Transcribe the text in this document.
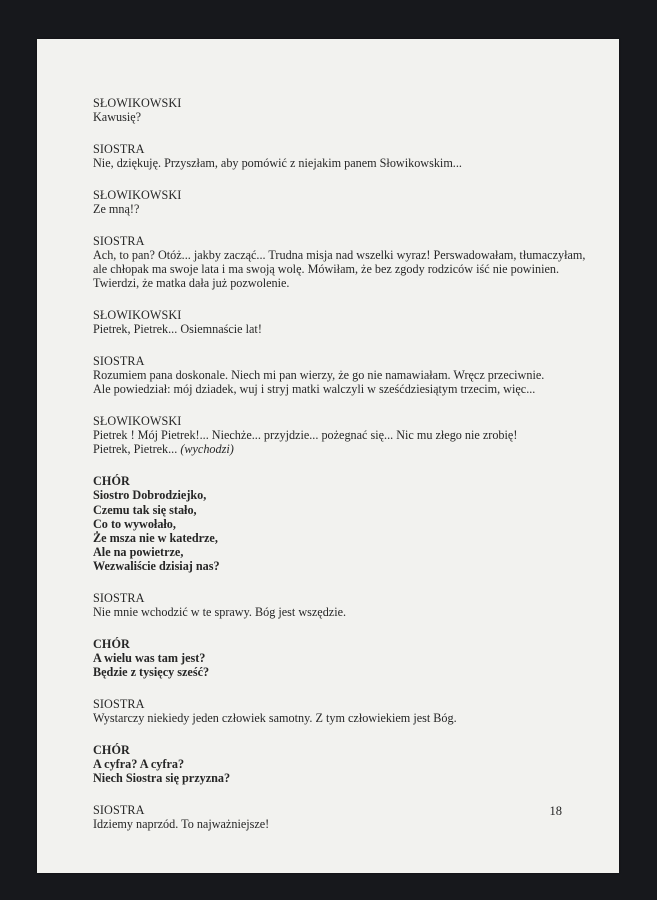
SŁOWIKOWSKI
Kawusię?
SIOSTRA
Nie, dziękuję. Przyszłam, aby pomówić z niejakim panem Słowikowskim...
SŁOWIKOWSKI
Ze mną!?
SIOSTRA
Ach, to pan? Otóż... jakby zacząć... Trudna misja nad wszelki wyraz! Perswadowałam, tłumaczyłam,
ale chłopak ma swoje lata i ma swoją wolę. Mówiłam, że bez zgody rodziców iść nie powinien.
Twierdzi, że matka dała już pozwolenie.
SŁOWIKOWSKI
Pietrek, Pietrek... Osiemnaście lat!
SIOSTRA
Rozumiem pana doskonale. Niech mi pan wierzy, że go nie namawiałam. Wręcz przeciwnie.
Ale powiedział: mój dziadek, wuj i stryj matki walczyli w sześćdziesiątym trzecim, więc...
SŁOWIKOWSKI
Pietrek ! Mój Pietrek!... Niechże... przyjdzie... pożegnać się... Nic mu złego nie zrobię!
Pietrek, Pietrek... (wychodzi)
CHÓR
Siostro Dobrodziejko,
Czemu tak się stało,
Co to wywołało,
Że msza nie w katedrze,
Ale na powietrze,
Wezwaliście dzisiaj nas?
SIOSTRA
Nie mnie wchodzić w te sprawy. Bóg jest wszędzie.
CHÓR
A wielu was tam jest?
Będzie z tysięcy sześć?
SIOSTRA
Wystarczy niekiedy jeden człowiek samotny. Z tym człowiekiem jest Bóg.
CHÓR
A cyfra? A cyfra?
Niech Siostra się przyzna?
SIOSTRA
Idziemy naprzód. To najważniejsze!
18
